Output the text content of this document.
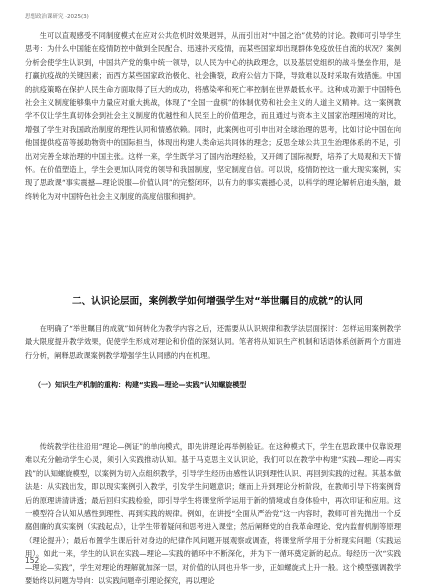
思想政治课研究 ·2025(3)

生可以直观感受不同制度模式在应对公共危机时效果迥异，从而引出对“中国之治”优势的讨论。教师可引导学生思考：为什么中国能在疫情防控中做到全民配合、迅速扑灭疫情，而某些国家却出现群体免疫放任自流的状况？案例分析会使学生认识到，中国共产党的集中统一领导，以人民为中心的执政理念，以及基层党组织的战斗堡垒作用，是打赢抗疫战的关键因素；而西方某些国家政治极化、社会撕裂，政府公信力下降，导致难以及时采取有效措施。中国的抗疫策略在保护人民生命方面取得了巨大的成功，将感染率和死亡率控制在世界最低水平。这种成功源于中国特色社会主义制度能够集中力量应对重大挑战，体现了“全国一盘棋”的体制优势和社会主义的人道主义精神。这一案例教学不仅让学生真切体会到社会主义制度的优越性和人民至上的价值理念，而且通过与资本主义国家治理困境的对比，增强了学生对我国政治制度的理性认同和情感依赖。同时，此案例也可引申出对全球治理的思考，比如讨论中国在向他国提供疫苗等援助物资中的国际担当，体现出构建人类命运共同体的理念；反思全球公共卫生治理体系的不足，引出对完善全球治理的中国主张。这样一来，学生既学习了国内治理经验，又开阔了国际视野，培养了大局观和天下情怀。在价值塑造上，学生会更加认同党的领导和我国制度，坚定制度自信。可以说，疫情防控这一重大现实案例，实现了思政课“事实震撼—理论说服—价值认同”的完整闭环，以有力的事实震撼心灵，以科学的理论解析启迪头脑，最终转化为对中国特色社会主义制度的高度信服和拥护。

二、认识论层面，案例教学如何增强学生对“举世瞩目的成就”的认同

在明确了“举世瞩目的成就”如何转化为教学内容之后，还需要从认识规律和教学法层面探讨：怎样运用案例教学最大限度提升教学效果，促使学生形成对理论和价值的深刻认同。笔者将从知识生产机制和话语体系创新两个方面进行分析，阐释思政课案例教学增强学生认同感的内在机理。

（一）知识生产机制的重构：构建“实践—理论—实践”认知螺旋模型

传统教学往往沿用“理论—例证”的单向模式，即先讲理论再举例验证。在这种模式下，学生在思政课中仅靠说理难以充分触动学生心灵，须引入实践推动认知。基于马克思主义认识论，我们可以在教学中构建“实践—理论—再实践”的认知螺旋模型，以案例为切入点组织教学，引导学生经历由感性认识到理性认识、再回到实践的过程。其基本做法是：从实践出发，即以现实案例引入教学，引发学生问题意识；继而上升到理论分析阶段，在教师引导下将案例背后的原理讲清讲透；最后回归实践检验，即引导学生将课堂所学运用于新的情境或自身体验中，再次印证和应用。这一模型符合认知从感性到理性、再到实践的规律。例如，在讲授“全面从严治党”这一内容时，教师可首先抛出一个反腐倡廉的真实案例（实践起点），让学生带着疑问和思考进入课堂；然后阐释党的自我革命理论、党内监督机制等原理（理论提升）；最后布置学生课后针对身边的纪律作风问题开展观察或调查，将课堂所学用于分析现实问题（实践运用）。如此一来，学生的认识在实践—理论—实践的循环中不断深化，并为下一循环奠定新的起点。每经历一次“实践—理论—实践”，学生对理论的理解就加深一层，对价值的认同也升华一步，正如螺旋式上升一般。这个模型强调教学要始终以问题为导向：以实践问题牵引理论探究，再以理论

152
